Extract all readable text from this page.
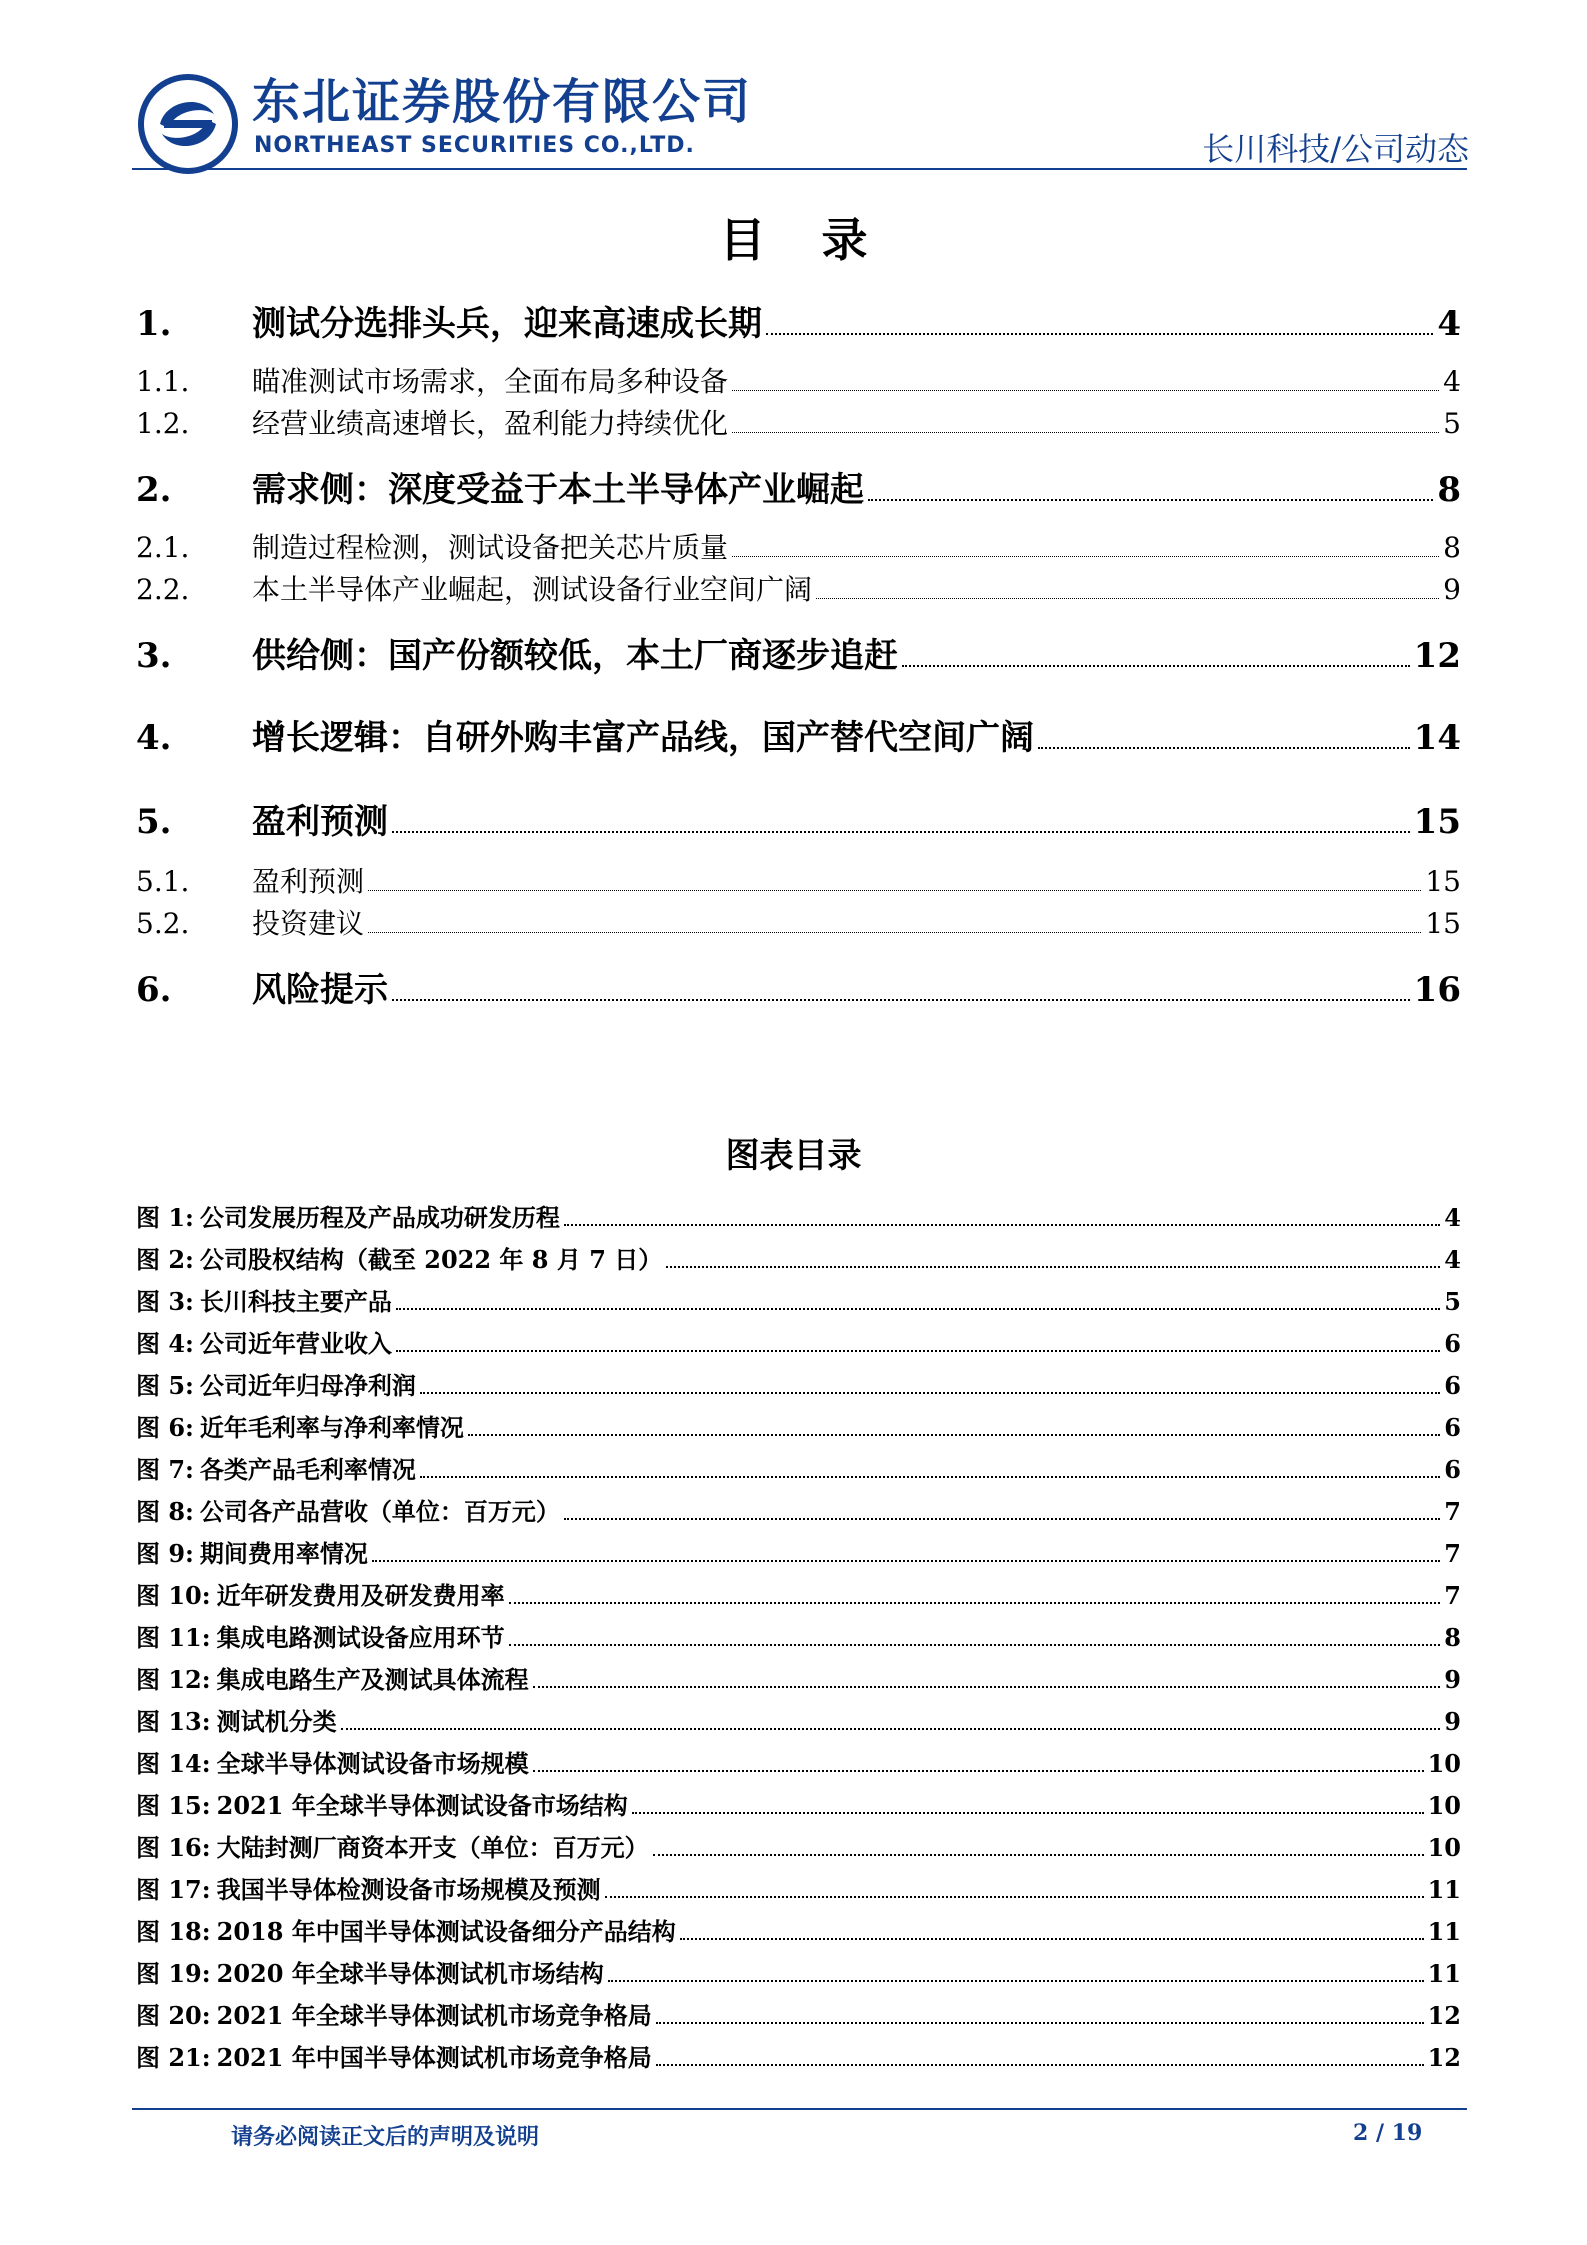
东北证券股份有限公司
NORTHEAST SECURITIES CO.,LTD.	长川科技/公司动态
目 录
1.	测试分选排头兵，迎来高速成长期	4
1.1.	瞄准测试市场需求，全面布局多种设备	4
1.2.	经营业绩高速增长，盈利能力持续优化	5
2.	需求侧：深度受益于本土半导体产业崛起	8
2.1.	制造过程检测，测试设备把关芯片质量	8
2.2.	本土半导体产业崛起，测试设备行业空间广阔	9
3.	供给侧：国产份额较低，本土厂商逐步追赶	12
4.	增长逻辑：自研外购丰富产品线，国产替代空间广阔	14
5.	盈利预测	15
5.1.	盈利预测	15
5.2.	投资建议	15
6.	风险提示	16
图表目录
图 1: 公司发展历程及产品成功研发历程	4
图 2: 公司股权结构（截至 2022 年 8 月 7 日）	4
图 3: 长川科技主要产品	5
图 4: 公司近年营业收入	6
图 5: 公司近年归母净利润	6
图 6: 近年毛利率与净利率情况	6
图 7: 各类产品毛利率情况	6
图 8: 公司各产品营收（单位：百万元）	7
图 9: 期间费用率情况	7
图 10: 近年研发费用及研发费用率	7
图 11: 集成电路测试设备应用环节	8
图 12: 集成电路生产及测试具体流程	9
图 13: 测试机分类	9
图 14: 全球半导体测试设备市场规模	10
图 15: 2021 年全球半导体测试设备市场结构	10
图 16: 大陆封测厂商资本开支（单位：百万元）	10
图 17: 我国半导体检测设备市场规模及预测	11
图 18: 2018 年中国半导体测试设备细分产品结构	11
图 19: 2020 年全球半导体测试机市场结构	11
图 20: 2021 年全球半导体测试机市场竞争格局	12
图 21: 2021 年中国半导体测试机市场竞争格局	12
请务必阅读正文后的声明及说明	2 / 19
